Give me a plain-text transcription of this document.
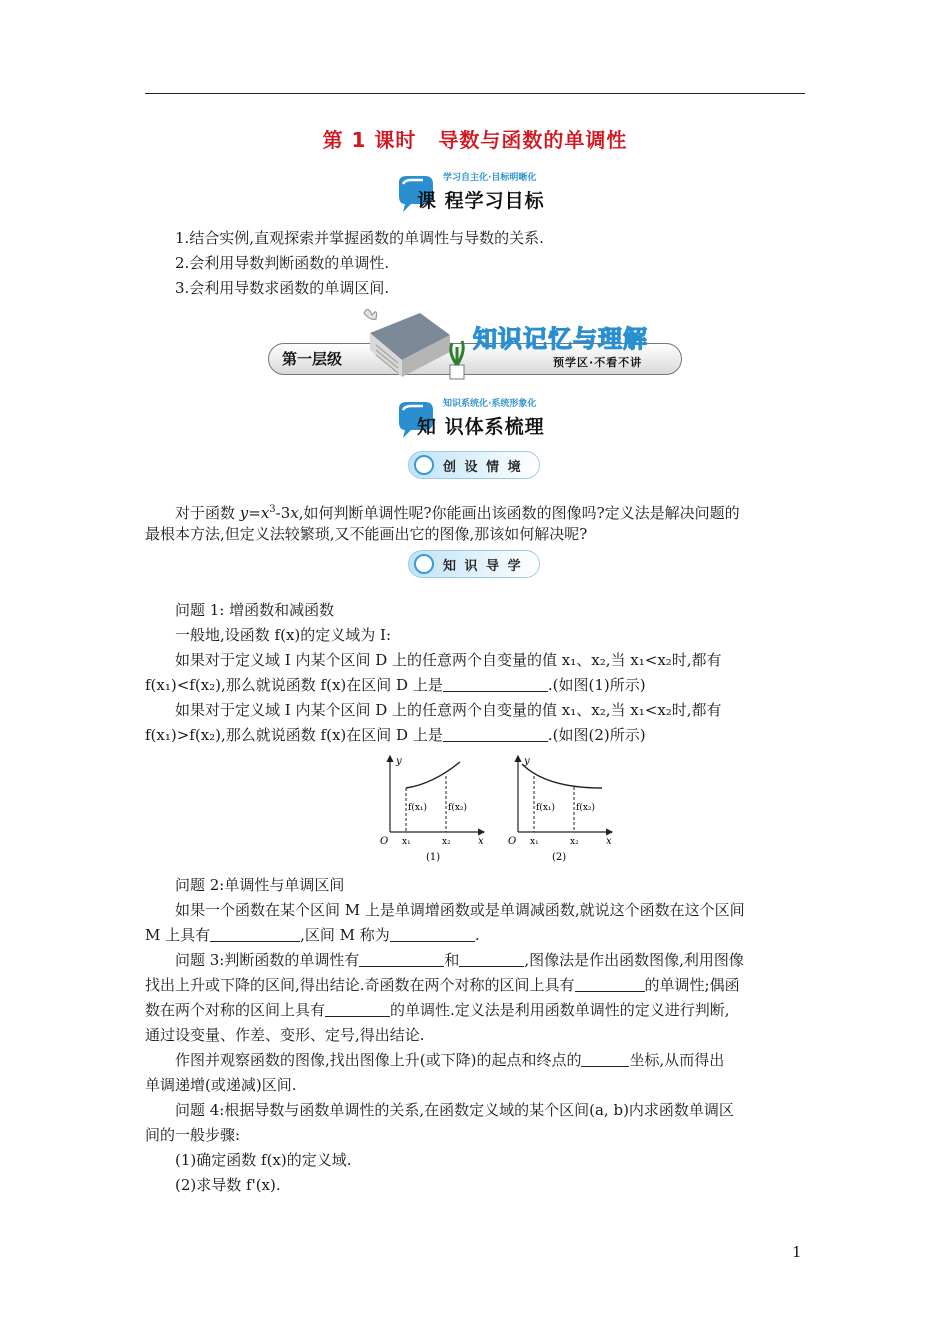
第 1 课时 导数与函数的单调性
学习自主化·目标明晰化
课 程学习目标
1.结合实例,直观探索并掌握函数的单调性与导数的关系.
2.会利用导数判断函数的单调性.
3.会利用导数求函数的单调区间.
第一层级
知识记忆与理解
预学区·不看不讲
知识系统化·系统形象化
知 识体系梳理
创 设 情 境
对于函数 $y=x^3-3x$,如何判断单调性呢?你能画出该函数的图像吗?定义法是解决问题的
最根本方法,但定义法较繁琐,又不能画出它的图像,那该如何解决呢?
知 识 导 学
问题 1: 增函数和减函数
一般地,设函数 f(x)的定义域为 I:
如果对于定义域 I 内某个区间 D 上的任意两个自变量的值 x₁、x₂,当 x₁<x₂时,都有
f(x₁)<f(x₂),那么就说函数 f(x)在区间 D 上是	.(如图(1)所示)
如果对于定义域 I 内某个区间 D 上的任意两个自变量的值 x₁、x₂,当 x₁<x₂时,都有
f(x₁)>f(x₂),那么就说函数 f(x)在区间 D 上是	.(如图(2)所示)
y
x
O x₁	x₂
f(x₁) f(x₂)
(1)
y
x
O x₁	x₂
f(x₁) f(x₂)
(2)
问题 2:单调性与单调区间
如果一个函数在某个区间 M 上是单调增函数或是单调减函数,就说这个函数在这个区间
M 上具有	,区间 M 称为	.
问题 3:判断函数的单调性有	和	,图像法是作出函数图像,利用图像
找出上升或下降的区间,得出结论.奇函数在两个对称的区间上具有	的单调性;偶函
数在两个对称的区间上具有	的单调性.定义法是利用函数单调性的定义进行判断,
通过设变量、作差、变形、定号,得出结论.
作图并观察函数的图像,找出图像上升(或下降)的起点和终点的	坐标,从而得出
单调递增(或递减)区间.
问题 4:根据导数与函数单调性的关系,在函数定义域的某个区间(a, b)内求函数单调区
间的一般步骤:
(1)确定函数 f(x)的定义域.
(2)求导数 f'(x).
1
